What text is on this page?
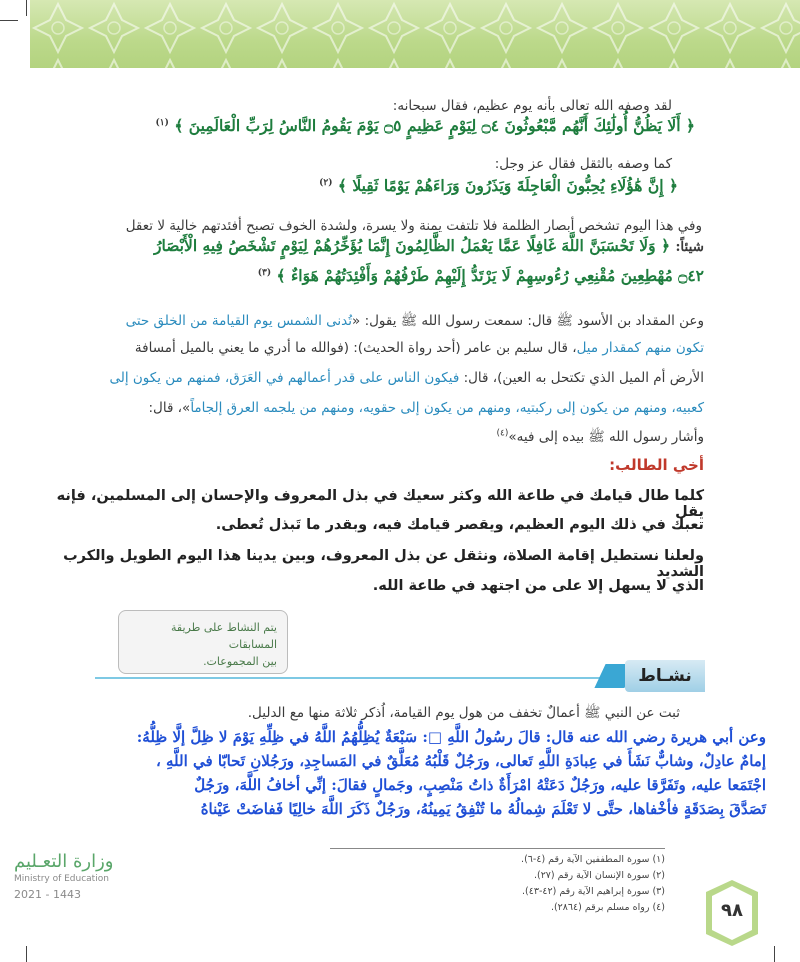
لقد وصفه الله تعالى بأنه يوم عظيم، فقال سبحانه:
﴿ أَلَا يَظُنُّ أُولَٰئِكَ أَنَّهُم مَّبْعُوثُونَ ۝٤ لِيَوْمٍ عَظِيمٍ ۝٥ يَوْمَ يَقُومُ النَّاسُ لِرَبِّ الْعَالَمِينَ ﴾ $^{(١)}$
كما وصفه بالثقل فقال عز وجل:
﴿ إِنَّ هَٰؤُلَاءِ يُحِبُّونَ الْعَاجِلَةَ وَيَذَرُونَ وَرَاءَهُمْ يَوْمًا ثَقِيلًا ﴾ $^{(٢)}$
وفي هذا اليوم تشخص أبصار الظلمة فلا تلتفت يمنة ولا يسرة، ولشدة الخوف تصبح أفئدتهم خالية لا تعقل
شيئاً: ﴿ وَلَا تَحْسَبَنَّ اللَّهَ غَافِلًا عَمَّا يَعْمَلُ الظَّالِمُونَ إِنَّمَا يُؤَخِّرُهُمْ لِيَوْمٍ تَشْخَصُ فِيهِ الْأَبْصَارُ
۝٤٢ مُهْطِعِينَ مُقْنِعِي رُءُوسِهِمْ لَا يَرْتَدُّ إِلَيْهِمْ طَرْفُهُمْ وَأَفْئِدَتُهُمْ هَوَاءٌ ﴾ $^{(٣)}$
وعن المقداد بن الأسود ﷺ قال: سمعت رسول الله ﷺ يقول: «تُدنى الشمس يوم القيامة من الخلق حتى
تكون منهم كمقدار ميل، قال سليم بن عامر (أحد رواة الحديث): (فوالله ما أدري ما يعني بالميل أمسافة
الأرض أم الميل الذي تكتحل به العين)، قال: فيكون الناس على قدر أعمالهم في العَرَق، فمنهم من يكون إلى
كعبيه، ومنهم من يكون إلى ركبتيه، ومنهم من يكون إلى حقويه، ومنهم من يلجمه العرق إلجاماً»، قال:
وأشار رسول الله ﷺ بيده إلى فيه»$^{(٤)}$
أخي الطالب:
كلما طال قيامك في طاعة الله وكثر سعيك في بذل المعروف والإحسان إلى المسلمين، فإنه يقل
تعبك في ذلك اليوم العظيم، ويقصر قيامك فيه، وبقدر ما تَبذل تُعطى.
ولعلنا نستطيل إقامة الصلاة، ونثقل عن بذل المعروف، وبين يدينا هذا اليوم الطويل والكرب الشديد
الذي لا يسهل إلا على من اجتهد في طاعة الله.
يتم النشاط على طريقة المسابقات
بين المجموعات.
نشـاط
ثبت عن النبي ﷺ أعمالٌ تخفف من هول يوم القيامة، اُذكر ثلاثة منها مع الدليل.
وعن أبي هريرة رضي الله عنه قال: قالَ رسُولُ اللَّهِ □: سَبْعَةٌ يُظِلُّهُمُ اللَّهُ في ظِلِّهِ يَوْمَ لا ظِلَّ إلَّا ظِلُّهُ:
إمامٌ عادِلٌ، وشابٌّ نَشَأَ في عِبادَةِ اللَّهِ تَعالى، ورَجُلٌ قَلْبُهُ مُعَلَّقٌ في المَساجِدِ، ورَجُلانِ تَحابّا في اللَّهِ ،
اجْتَمَعا عليه، وتَفَرَّقا عليه، ورَجُلٌ دَعَتْهُ امْرَأَةٌ ذاتُ مَنْصِبٍ، وجَمالٍ فقالَ: إنِّي أخافُ اللَّهَ، ورَجُلٌ
تَصَدَّقَ بِصَدَقَةٍ فأخْفاها، حتَّى لا تَعْلَمَ شِمالُهُ ما تُنْفِقُ يَمِينُهُ، ورَجُلٌ ذَكَرَ اللَّهَ خالِيًا فَفاضَتْ عَيْناهُ
(١) سورة المطففين الآية رقم (٤-٦).
(٢) سورة الإنسان الآية رقم (٢٧).
(٣) سورة إبراهيم الآية رقم (٤٢-٤٣).
(٤) رواه مسلم برقم (٢٨٦٤).	٩٨
وزارة التعـليم
Ministry of Education
2021 - 1443
